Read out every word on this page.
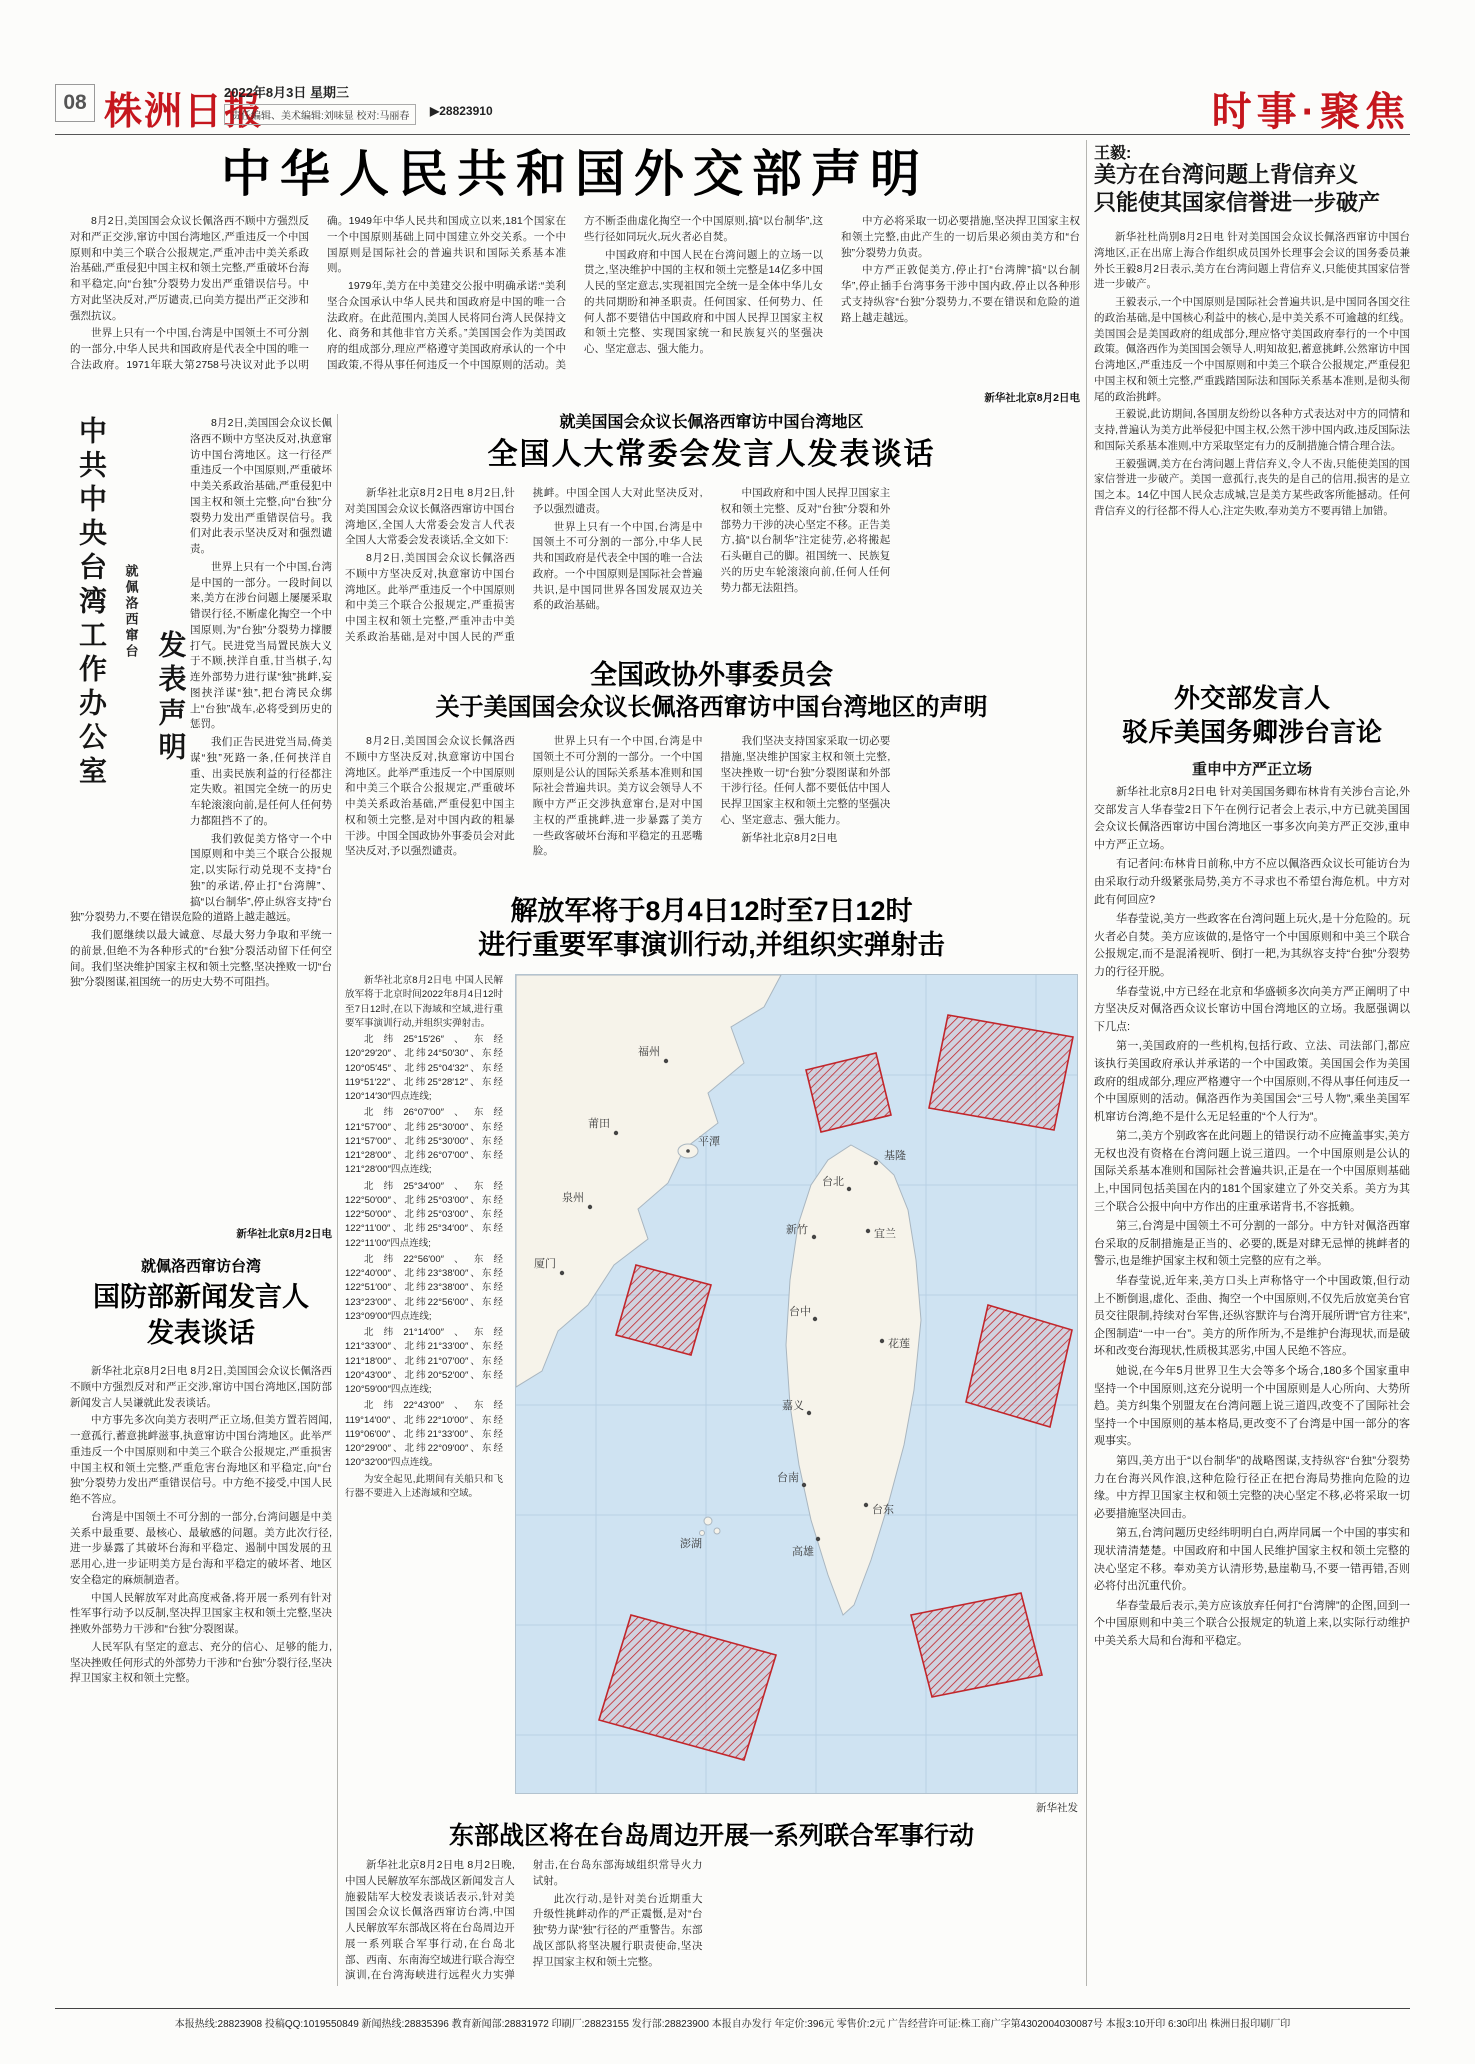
08 株洲日报
2022年8月3日 星期三
责任编辑、美术编辑:刘味显 校对:马丽春	▶28823910	时事·聚焦
中华人民共和国外交部声明

8月2日,美国国会众议长佩洛西不顾中方强烈反对和严正交涉,窜访中国台湾地区,严重违反一个中国原则和中美三个联合公报规定,严重冲击中美关系政治基础,严重侵犯中国主权和领土完整,严重破坏台海和平稳定,向“台独”分裂势力发出严重错误信号。中方对此坚决反对,严厉谴责,已向美方提出严正交涉和强烈抗议。

世界上只有一个中国,台湾是中国领土不可分割的一部分,中华人民共和国政府是代表全中国的唯一合法政府。1971年联大第2758号决议对此予以明确。1949年中华人民共和国成立以来,181个国家在一个中国原则基础上同中国建立外交关系。一个中国原则是国际社会的普遍共识和国际关系基本准则。

1979年,美方在中美建交公报中明确承诺:“美利坚合众国承认中华人民共和国政府是中国的唯一合法政府。在此范围内,美国人民将同台湾人民保持文化、商务和其他非官方关系。”美国国会作为美国政府的组成部分,理应严格遵守美国政府承认的一个中国政策,不得从事任何违反一个中国原则的活动。美方不断歪曲虚化掏空一个中国原则,搞“以台制华”,这些行径如同玩火,玩火者必自焚。

中国政府和中国人民在台湾问题上的立场一以贯之,坚决维护中国的主权和领土完整是14亿多中国人民的坚定意志,实现祖国完全统一是全体中华儿女的共同期盼和神圣职责。任何国家、任何势力、任何人都不要错估中国政府和中国人民捍卫国家主权和领土完整、实现国家统一和民族复兴的坚强决心、坚定意志、强大能力。

中方必将采取一切必要措施,坚决捍卫国家主权和领土完整,由此产生的一切后果必须由美方和“台独”分裂势力负责。

中方严正敦促美方,停止打“台湾牌”搞“以台制华”,停止插手台湾事务干涉中国内政,停止以各种形式支持纵容“台独”分裂势力,不要在错误和危险的道路上越走越远。

新华社北京8月2日电
中共中央台湾工作办公室	就佩洛西窜台
发表声明

8月2日,美国国会众议长佩洛西不顾中方坚决反对,执意窜访中国台湾地区。这一行径严重违反一个中国原则,严重破坏中美关系政治基础,严重侵犯中国主权和领土完整,向“台独”分裂势力发出严重错误信号。我们对此表示坚决反对和强烈谴责。

世界上只有一个中国,台湾是中国的一部分。一段时间以来,美方在涉台问题上屡屡采取错误行径,不断虚化掏空一个中国原则,为“台独”分裂势力撑腰打气。民进党当局置民族大义于不顾,挟洋自重,甘当棋子,勾连外部势力进行谋“独”挑衅,妄图挟洋谋“独”,把台湾民众绑上“台独”战车,必将受到历史的惩罚。

我们正告民进党当局,倚美谋“独”死路一条,任何挟洋自重、出卖民族利益的行径都注定失败。祖国完全统一的历史车轮滚滚向前,是任何人任何势力都阻挡不了的。

我们敦促美方恪守一个中国原则和中美三个联合公报规定,以实际行动兑现不支持“台独”的承诺,停止打“台湾牌”、搞“以台制华”,停止纵容支持“台独”分裂势力,不要在错误危险的道路上越走越远。

我们愿继续以最大诚意、尽最大努力争取和平统一的前景,但绝不为各种形式的“台独”分裂活动留下任何空间。我们坚决维护国家主权和领土完整,坚决挫败一切“台独”分裂图谋,祖国统一的历史大势不可阻挡。

新华社北京8月2日电
就佩洛西窜访台湾
国防部新闻发言人
发表谈话

新华社北京8月2日电 8月2日,美国国会众议长佩洛西不顾中方强烈反对和严正交涉,窜访中国台湾地区,国防部新闻发言人吴谦就此发表谈话。

中方事先多次向美方表明严正立场,但美方置若罔闻,一意孤行,蓄意挑衅滋事,执意窜访中国台湾地区。此举严重违反一个中国原则和中美三个联合公报规定,严重损害中国主权和领土完整,严重危害台海地区和平稳定,向“台独”分裂势力发出严重错误信号。中方绝不接受,中国人民绝不答应。

台湾是中国领土不可分割的一部分,台湾问题是中美关系中最重要、最核心、最敏感的问题。美方此次行径,进一步暴露了其破坏台海和平稳定、遏制中国发展的丑恶用心,进一步证明美方是台海和平稳定的破坏者、地区安全稳定的麻烦制造者。

中国人民解放军对此高度戒备,将开展一系列有针对性军事行动予以反制,坚决捍卫国家主权和领土完整,坚决挫败外部势力干涉和“台独”分裂图谋。

人民军队有坚定的意志、充分的信心、足够的能力,坚决挫败任何形式的外部势力干涉和“台独”分裂行径,坚决捍卫国家主权和领土完整。

就美国国会众议长佩洛西窜访中国台湾地区
全国人大常委会发言人发表谈话

新华社北京8月2日电 8月2日,针对美国国会众议长佩洛西窜访中国台湾地区,全国人大常委会发言人代表全国人大常委会发表谈话,全文如下:

8月2日,美国国会众议长佩洛西不顾中方坚决反对,执意窜访中国台湾地区。此举严重违反一个中国原则和中美三个联合公报规定,严重损害中国主权和领土完整,严重冲击中美关系政治基础,是对中国人民的严重挑衅。中国全国人大对此坚决反对,予以强烈谴责。

世界上只有一个中国,台湾是中国领土不可分割的一部分,中华人民共和国政府是代表全中国的唯一合法政府。一个中国原则是国际社会普遍共识,是中国同世界各国发展双边关系的政治基础。

中国政府和中国人民捍卫国家主权和领土完整、反对“台独”分裂和外部势力干涉的决心坚定不移。正告美方,搞“以台制华”注定徒劳,必将搬起石头砸自己的脚。祖国统一、民族复兴的历史车轮滚滚向前,任何人任何势力都无法阻挡。

全国政协外事委员会
关于美国国会众议长佩洛西窜访中国台湾地区的声明

8月2日,美国国会众议长佩洛西不顾中方坚决反对,执意窜访中国台湾地区。此举严重违反一个中国原则和中美三个联合公报规定,严重破坏中美关系政治基础,严重侵犯中国主权和领土完整,是对中国内政的粗暴干涉。中国全国政协外事委员会对此坚决反对,予以强烈谴责。

世界上只有一个中国,台湾是中国领土不可分割的一部分。一个中国原则是公认的国际关系基本准则和国际社会普遍共识。美方议会领导人不顾中方严正交涉执意窜台,是对中国主权的严重挑衅,进一步暴露了美方一些政客破坏台海和平稳定的丑恶嘴脸。

我们坚决支持国家采取一切必要措施,坚决维护国家主权和领土完整,坚决挫败一切“台独”分裂图谋和外部干涉行径。任何人都不要低估中国人民捍卫国家主权和领土完整的坚强决心、坚定意志、强大能力。

新华社北京8月2日电

解放军将于8月4日12时至7日12时
进行重要军事演训行动,并组织实弹射击

新华社北京8月2日电 中国人民解放军将于北京时间2022年8月4日12时至7日12时,在以下海域和空域,进行重要军事演训行动,并组织实弹射击。

北纬25°15′26″、东经120°29′20″、北纬24°50′30″、东经120°05′45″、北纬25°04′32″、东经119°51′22″、北纬25°28′12″、东经120°14′30″四点连线;

北纬26°07′00″、东经121°57′00″、北纬25°30′00″、东经121°57′00″、北纬25°30′00″、东经121°28′00″、北纬26°07′00″、东经121°28′00″四点连线;

北纬25°34′00″、东经122°50′00″、北纬25°03′00″、东经122°50′00″、北纬25°03′00″、东经122°11′00″、北纬25°34′00″、东经122°11′00″四点连线;

北纬22°56′00″、东经122°40′00″、北纬23°38′00″、东经122°51′00″、北纬23°38′00″、东经123°23′00″、北纬22°56′00″、东经123°09′00″四点连线;

北纬21°14′00″、东经121°33′00″、北纬21°33′00″、东经121°18′00″、北纬21°07′00″、东经120°43′00″、北纬20°52′00″、东经120°59′00″四点连线;

北纬22°43′00″、东经119°14′00″、北纬22°10′00″、东经119°06′00″、北纬21°33′00″、东经120°29′00″、北纬22°09′00″、东经120°32′00″四点连线。

为安全起见,此期间有关船只和飞行器不要进入上述海域和空域。

福州
莆田
泉州
厦门
平潭
基隆
台北
宜兰
新竹
台中
花莲
嘉义
台南
高雄
台东
澎湖
新华社发
东部战区将在台岛周边开展一系列联合军事行动

新华社北京8月2日电 8月2日晚,中国人民解放军东部战区新闻发言人施毅陆军大校发表谈话表示,针对美国国会众议长佩洛西窜访台湾,中国人民解放军东部战区将在台岛周边开展一系列联合军事行动,在台岛北部、西南、东南海空域进行联合海空演训,在台湾海峡进行远程火力实弹射击,在台岛东部海域组织常导火力试射。

此次行动,是针对美台近期重大升级性挑衅动作的严正震慑,是对“台独”势力谋“独”行径的严重警告。东部战区部队将坚决履行职责使命,坚决捍卫国家主权和领土完整。

王毅:
美方在台湾问题上背信弃义
只能使其国家信誉进一步破产

新华社杜尚别8月2日电 针对美国国会众议长佩洛西窜访中国台湾地区,正在出席上海合作组织成员国外长理事会会议的国务委员兼外长王毅8月2日表示,美方在台湾问题上背信弃义,只能使其国家信誉进一步破产。

王毅表示,一个中国原则是国际社会普遍共识,是中国同各国交往的政治基础,是中国核心利益中的核心,是中美关系不可逾越的红线。美国国会是美国政府的组成部分,理应恪守美国政府奉行的一个中国政策。佩洛西作为美国国会领导人,明知故犯,蓄意挑衅,公然窜访中国台湾地区,严重违反一个中国原则和中美三个联合公报规定,严重侵犯中国主权和领土完整,严重践踏国际法和国际关系基本准则,是彻头彻尾的政治挑衅。

王毅说,此访期间,各国朋友纷纷以各种方式表达对中方的同情和支持,普遍认为美方此举侵犯中国主权,公然干涉中国内政,违反国际法和国际关系基本准则,中方采取坚定有力的反制措施合情合理合法。

王毅强调,美方在台湾问题上背信弃义,令人不齿,只能使美国的国家信誉进一步破产。美国一意孤行,丧失的是自己的信用,损害的是立国之本。14亿中国人民众志成城,岂是美方某些政客所能撼动。任何背信弃义的行径都不得人心,注定失败,奉劝美方不要再错上加错。

外交部发言人
驳斥美国务卿涉台言论
重申中方严正立场

新华社北京8月2日电 针对美国国务卿布林肯有关涉台言论,外交部发言人华春莹2日下午在例行记者会上表示,中方已就美国国会众议长佩洛西窜访中国台湾地区一事多次向美方严正交涉,重申中方严正立场。

有记者问:布林肯日前称,中方不应以佩洛西众议长可能访台为由采取行动升级紧张局势,美方不寻求也不希望台海危机。中方对此有何回应?

华春莹说,美方一些政客在台湾问题上玩火,是十分危险的。玩火者必自焚。美方应该做的,是恪守一个中国原则和中美三个联合公报规定,而不是混淆视听、倒打一耙,为其纵容支持“台独”分裂势力的行径开脱。

华春莹说,中方已经在北京和华盛顿多次向美方严正阐明了中方坚决反对佩洛西众议长窜访中国台湾地区的立场。我愿强调以下几点:

第一,美国政府的一些机构,包括行政、立法、司法部门,都应该执行美国政府承认并承诺的一个中国政策。美国国会作为美国政府的组成部分,理应严格遵守一个中国原则,不得从事任何违反一个中国原则的活动。佩洛西作为美国国会“三号人物”,乘坐美国军机窜访台湾,绝不是什么无足轻重的“个人行为”。

第二,美方个别政客在此问题上的错误行动不应掩盖事实,美方无权也没有资格在台湾问题上说三道四。一个中国原则是公认的国际关系基本准则和国际社会普遍共识,正是在一个中国原则基础上,中国同包括美国在内的181个国家建立了外交关系。美方为其三个联合公报中向中方作出的庄重承诺背书,不容抵赖。

第三,台湾是中国领土不可分割的一部分。中方针对佩洛西窜台采取的反制措施是正当的、必要的,既是对肆无忌惮的挑衅者的警示,也是维护国家主权和领土完整的应有之举。

华春莹说,近年来,美方口头上声称恪守一个中国政策,但行动上不断倒退,虚化、歪曲、掏空一个中国原则,不仅先后放宽美台官员交往限制,持续对台军售,还纵容默许与台湾开展所谓“官方往来”,企图制造“一中一台”。美方的所作所为,不是维护台海现状,而是破坏和改变台海现状,性质极其恶劣,中国人民绝不答应。

她说,在今年5月世界卫生大会等多个场合,180多个国家重申坚持一个中国原则,这充分说明一个中国原则是人心所向、大势所趋。美方纠集个别盟友在台湾问题上说三道四,改变不了国际社会坚持一个中国原则的基本格局,更改变不了台湾是中国一部分的客观事实。

第四,美方出于“以台制华”的战略图谋,支持纵容“台独”分裂势力在台海兴风作浪,这种危险行径正在把台海局势推向危险的边缘。中方捍卫国家主权和领土完整的决心坚定不移,必将采取一切必要措施坚决回击。

第五,台湾问题历史经纬明明白白,两岸同属一个中国的事实和现状清清楚楚。中国政府和中国人民维护国家主权和领土完整的决心坚定不移。奉劝美方认清形势,悬崖勒马,不要一错再错,否则必将付出沉重代价。

华春莹最后表示,美方应该放弃任何打“台湾牌”的企图,回到一个中国原则和中美三个联合公报规定的轨道上来,以实际行动维护中美关系大局和台海和平稳定。

本报热线:28823908 投稿QQ:1019550849 新闻热线:28835396 教育新闻部:28831972 印刷厂:28823155 发行部:28823900 本报自办发行 年定价:396元 零售价:2元 广告经营许可证:株工商广字第4302004030087号 本报3:10开印 6:30印出 株洲日报印刷厂印
